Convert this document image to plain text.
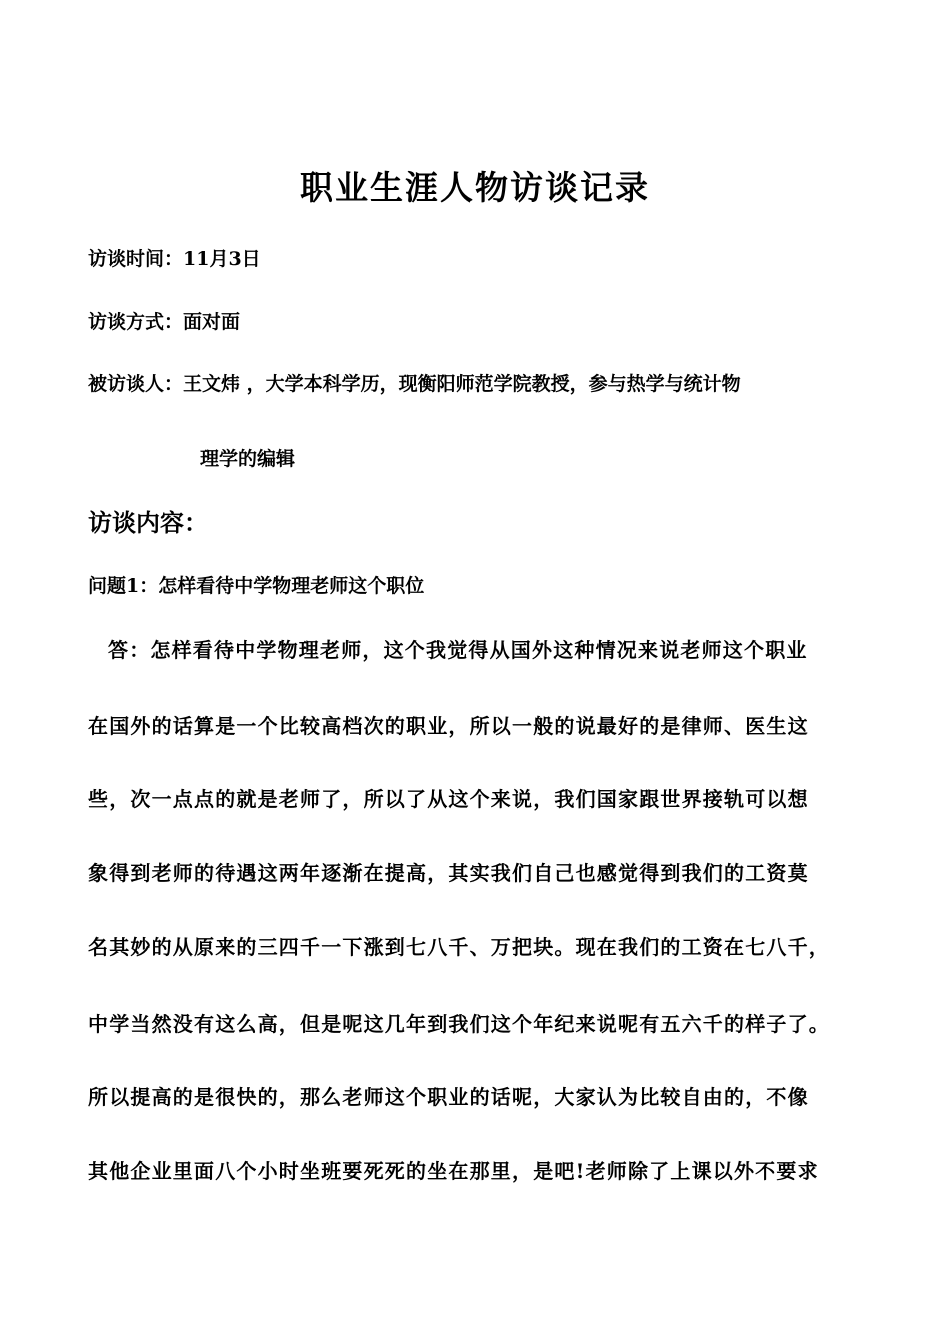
职业生涯人物访谈记录
访谈时间：11月3日
访谈方式：面对面
被访谈人：王文炜 ，大学本科学历，现衡阳师范学院教授，参与热学与统计物
理学的编辑
访谈内容：
问题1：怎样看待中学物理老师这个职位
答：怎样看待中学物理老师，这个我觉得从国外这种情况来说老师这个职业
在国外的话算是一个比较高档次的职业，所以一般的说最好的是律师、医生这
些，次一点点的就是老师了，所以了从这个来说，我们国家跟世界接轨可以想
象得到老师的待遇这两年逐渐在提高，其实我们自己也感觉得到我们的工资莫
名其妙的从原来的三四千一下涨到七八千、万把块。现在我们的工资在七八千，
中学当然没有这么高，但是呢这几年到我们这个年纪来说呢有五六千的样子了。
所以提高的是很快的，那么老师这个职业的话呢，大家认为比较自由的，不像
其他企业里面八个小时坐班要死死的坐在那里，是吧!老师除了上课以外不要求
